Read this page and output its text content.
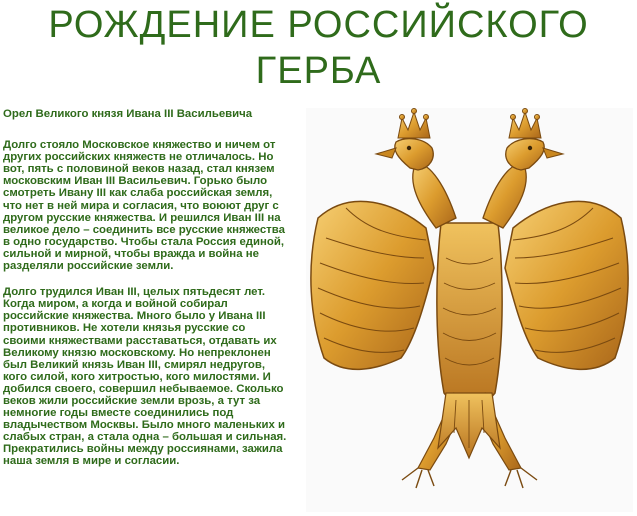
РОЖДЕНИЕ РОССИЙСКОГО
ГЕРБА

Орел Великого князя Ивана III Васильевича

Долго стояло Московское княжество и ничем от других российских княжеств не отличалось. Но вот, пять с половиной веков назад, стал князем московским Иван III Васильевич. Горько было смотреть Ивану III как слаба российская земля, что нет в ней мира и согласия, что воюют друг с другом русские княжества. И решился Иван III на великое дело – соединить все русские княжества в одно государство. Чтобы стала Россия единой, сильной и мирной, чтобы вражда и война не разделяли российские земли.

Долго трудился Иван III, целых пятьдесят лет. Когда миром, а когда и войной собирал российские княжества. Много было у Ивана III противников. Не хотели князья русские со своими княжествами расставаться, отдавать их Великому князю московскому. Но непреклонен был Великий князь Иван III, смирял недругов, кого силой, кого хитростью, кого милостями. И добился своего, совершил небываемое. Сколько веков жили российские земли врозь, а тут за немногие годы вместе соединились под владычеством Москвы. Было много маленьких и слабых стран, а стала одна – большая и сильная. Прекратились войны между россиянами, зажила наша земля в мире и согласии.
